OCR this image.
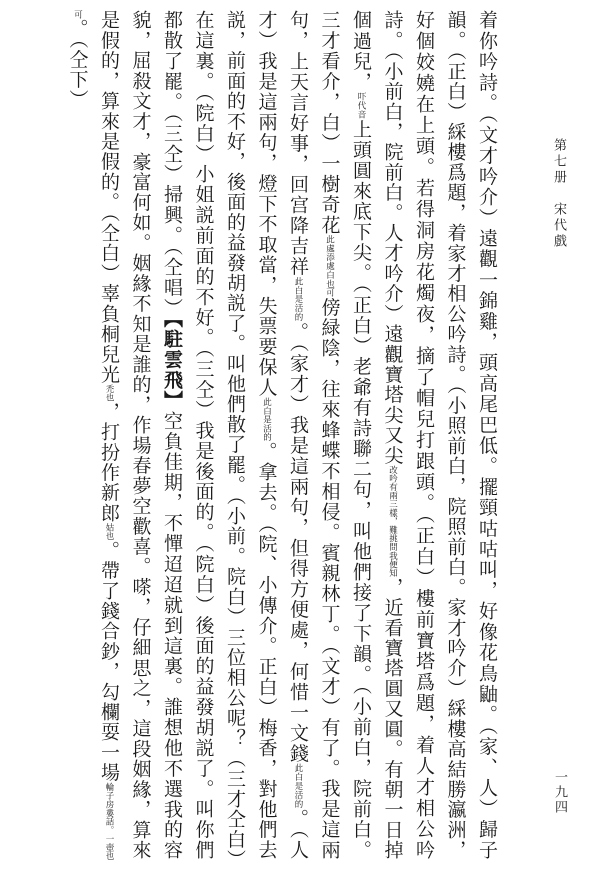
第七册　宋代戲
一九四
着你吟詩。（文才吟介）遠觀一錦雞，頭高尾巴低。擺頸咕咕叫，好像花鳥鼬。（家、人）歸子韻。（正白）綵樓爲題，着家才相公吟詩。（小照前白，院照前白。家才吟介）綵樓高結勝瀛洲，好個姣嬈在上頭。若得洞房花燭夜，摘了帽兒打跟頭。（正白）樓前寶塔爲題，着人才相公吟詩。（小前白，院前白。人才吟介）遠觀寶塔尖又尖改吟有兩三樣，難挑問我便知，近看寶塔圓又圓。有朝一日掉個過兒，吓代音上頭圓來底下尖。（正白）老爺有詩聯二句，叫他們接了下韻。（小前白，院前白。三才看介，白）一樹奇花此處添處白也可傍緑陰，往來蜂蝶不相侵。賓親林丁。（文才）有了。我是這兩句，上天言好事，回宫降吉祥此白是活的。（家才）我是這兩句，但得方便處，何惜一文錢此白是活的。（人才）我是這兩句，燈下不取當，失票要保人此白是活的。拿去。（院、小傳介。正白）梅香，對他們去説，前面的不好，後面的益發胡説了。叫他們散了罷。（小前。院白）三位相公呢？（三才仝白）在這裏。（院白）小姐説前面的不好。（三仝）我是後面的。（院白）後面的益發胡説了。叫你們都散了罷。（三仝）掃興。（仝唱）【駐雲飛】空負佳期，不憚迢迢就到這裏。誰想他不選我的容貌，屈殺文才，豪富何如。姻緣不知是誰的，作場春夢空歡喜。嗏，仔細思之，這段姻緣，算來是假的，算來是假的。（仝白）辜負桐兒光禿也，打扮作新郎姑也。帶了錢合鈔，勾欄耍一場輪子房婁話。一壺也可。（仝下）
